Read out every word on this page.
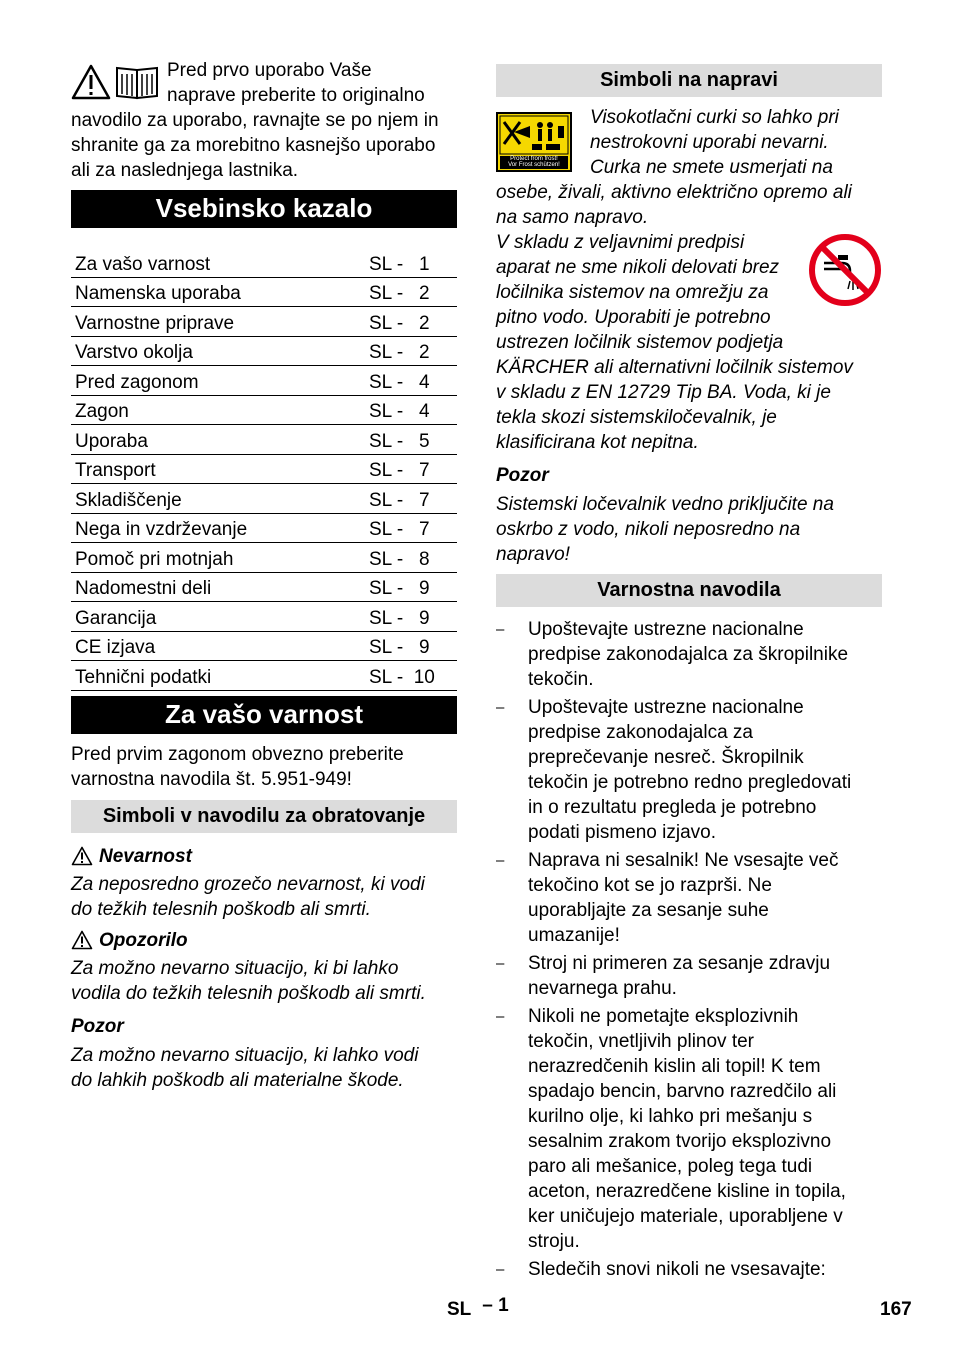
Pred prvo uporabo Vaše

naprave preberite to originalno

navodilo za uporabo, ravnajte se po njem in

shranite ga za morebitno kasnejšo uporabo

ali za naslednjega lastnika.

Vsebinsko kazalo
Za vašo varnost	SL -   1
Namenska uporaba	SL -   2
Varnostne priprave	SL -   2
Varstvo okolja	SL -   2
Pred zagonom	SL -   4
Zagon	SL -   4
Uporaba	SL -   5
Transport	SL -   7
Skladiščenje	SL -   7
Nega in vzdrževanje	SL -   7
Pomoč pri motnjah	SL -   8
Nadomestni deli	SL -   9
Garancija	SL -   9
CE izjava	SL -   9
Tehnični podatki	SL -  10
Za vašo varnost

Pred prvim zagonom obvezno preberite

varnostna navodila št. 5.951-949!

Simboli v navodilu za obratovanje
Nevarnost

Za neposredno grozečo nevarnost, ki vodi

do težkih telesnih poškodb ali smrti.

Opozorilo

Za možno nevarno situacijo, ki bi lahko

vodila do težkih telesnih poškodb ali smrti.

Pozor

Za možno nevarno situacijo, ki lahko vodi

do lahkih poškodb ali materialne škode.

Simboli na napravi
Protect from frost!
Vor Frost schützen!

Visokotlačni curki so lahko pri

nestrokovni uporabi nevarni.

Curka ne smete usmerjati na

osebe, živali, aktivno električno opremo ali

na samo napravo.

V skladu z veljavnimi predpisi

aparat ne sme nikoli delovati brez

ločilnika sistemov na omrežju za

pitno vodo. Uporabiti je potrebno

ustrezen ločilnik sistemov podjetja

KÄRCHER ali alternativni ločilnik sistemov

v skladu z EN 12729 Tip BA. Voda, ki je

tekla skozi sistemskiločevalnik, je

klasificirana kot nepitna.

Pozor

Sistemski ločevalnik vedno priključite na

oskrbo z vodo, nikoli neposredno na

napravo!

Varnostna navodila

– Upoštevajte ustrezne nacionalne

predpise zakonodajalca za škropilnike

tekočin.

– Upoštevajte ustrezne nacionalne

predpise zakonodajalca za

preprečevanje nesreč. Škropilnik

tekočin je potrebno redno pregledovati

in o rezultatu pregleda je potrebno

podati pismeno izjavo.

– Naprava ni sesalnik! Ne vsesajte več

tekočino kot se jo razprši. Ne

uporabljajte za sesanje suhe

umazanije!

– Stroj ni primeren za sesanje zdravju

nevarnega prahu.

– Nikoli ne pometajte eksplozivnih

tekočin, vnetljivih plinov ter

nerazredčenih kislin ali topil! K tem

spadajo bencin, barvno razredčilo ali

kurilno olje, ki lahko pri mešanju s

sesalnim zrakom tvorijo eksplozivno

paro ali mešanice, poleg tega tudi

aceton, nerazredčene kisline in topila,

ker uničujejo materiale, uporabljene v

stroju.

– Sledečih snovi nikoli ne vsesavajte:

SL – 1	167
